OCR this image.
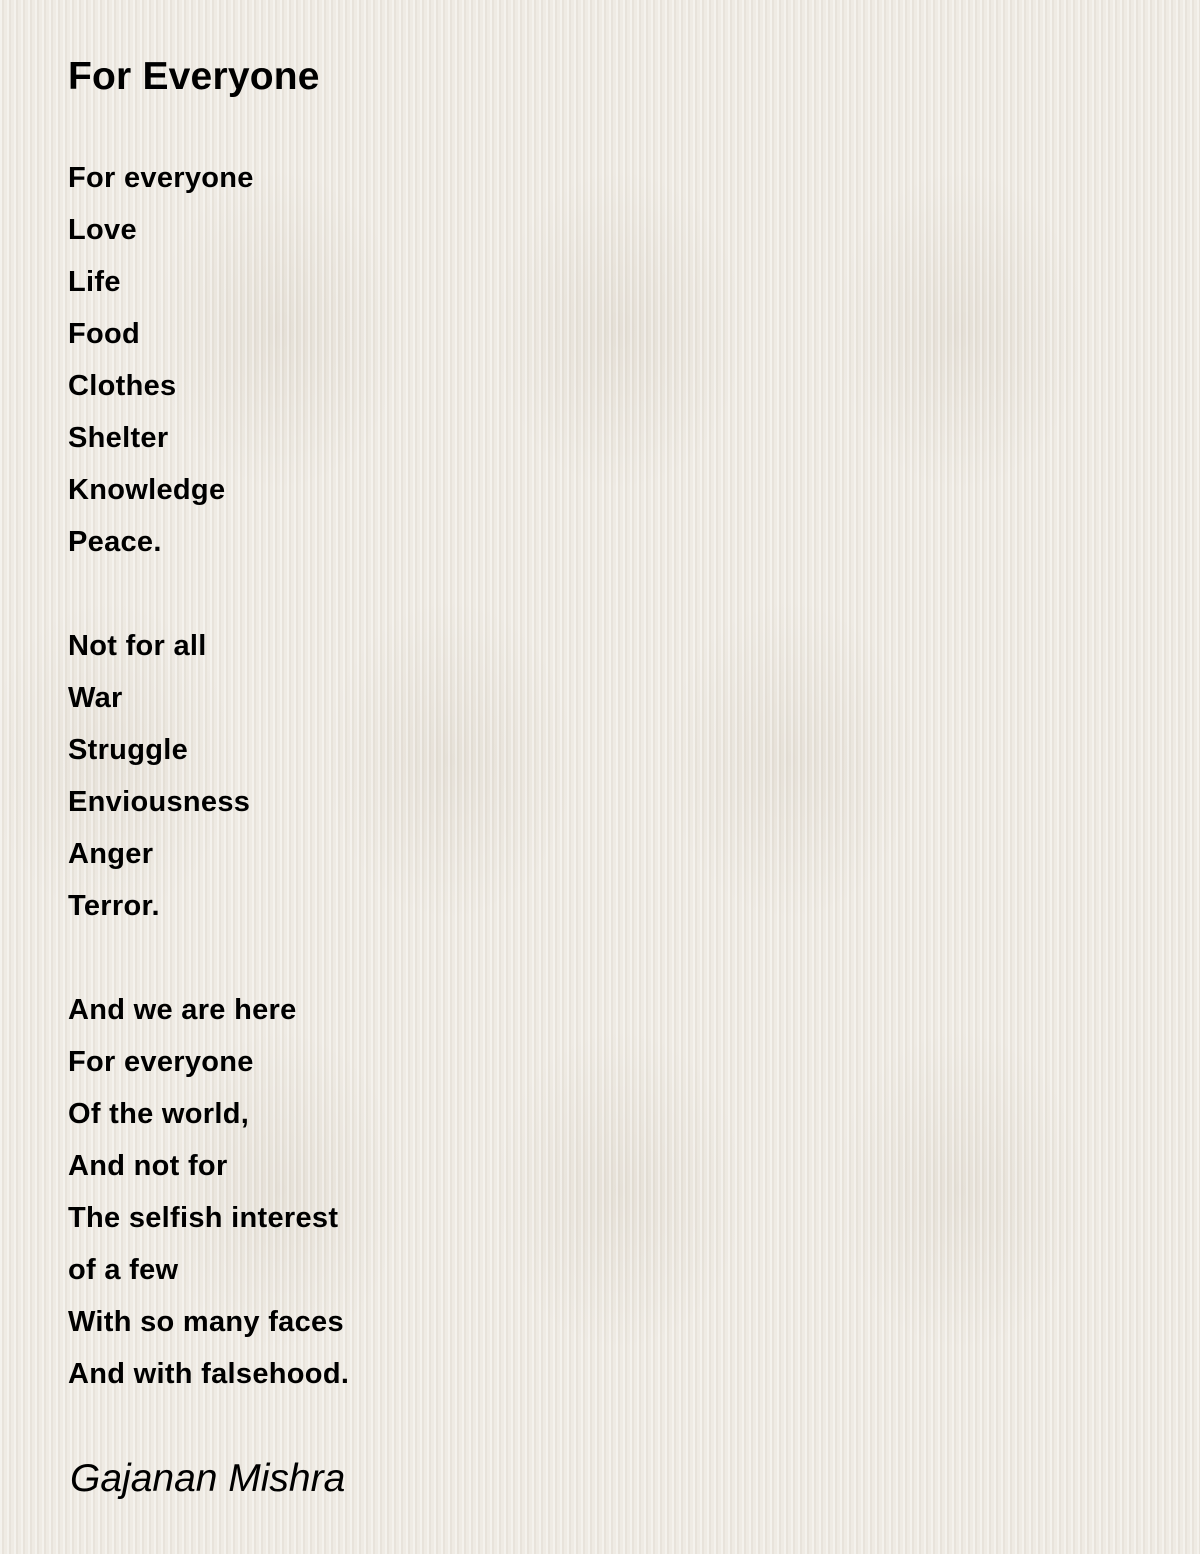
For Everyone
For everyone
Love
Life
Food
Clothes
Shelter
Knowledge
Peace.
Not for all
War
Struggle
Enviousness
Anger
Terror.
And we are here
For everyone
Of the world,
And not for
The selfish interest
of a few
With so many faces
And with falsehood.
Gajanan Mishra
